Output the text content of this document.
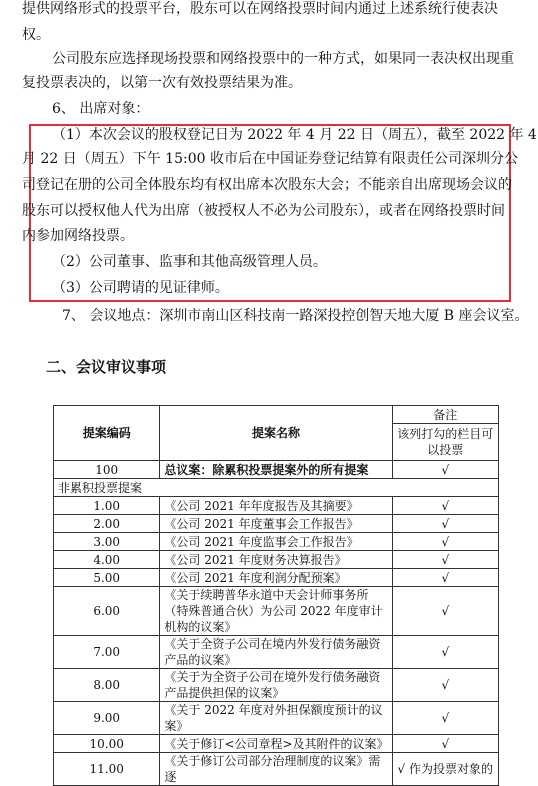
提供网络形式的投票平台，股东可以在网络投票时间内通过上述系统行使表决
权。
公司股东应选择现场投票和网络投票中的一种方式，如果同一表决权出现重
复投票表决的，以第一次有效投票结果为准。
6、 出席对象：
（1）本次会议的股权登记日为 2022 年 4 月 22 日（周五），截至 2022 年 4
月 22 日（周五）下午 15:00 收市后在中国证券登记结算有限责任公司深圳分公
司登记在册的公司全体股东均有权出席本次股东大会；不能亲自出席现场会议的
股东可以授权他人代为出席（被授权人不必为公司股东），或者在网络投票时间
内参加网络投票。
（2）公司董事、监事和其他高级管理人员。
（3）公司聘请的见证律师。
7、 会议地点：深圳市南山区科技南一路深投控创智天地大厦 B 座会议室。
二、会议审议事项
提案编码	提案名称	备注
		该列打勾的栏目可以投票
100	总议案：除累积投票提案外的所有提案	√
非累积投票提案		
1.00	《公司 2021 年年度报告及其摘要》	√
2.00	《公司 2021 年度董事会工作报告》	√
3.00	《公司 2021 年度监事会工作报告》	√
4.00	《公司 2021 年度财务决算报告》	√
5.00	《公司 2021 年度利润分配预案》	√
6.00	《关于续聘普华永道中天会计师事务所（特殊普通合伙）为公司 2022 年度审计机构的议案》	√
7.00	《关于全资子公司在境内外发行债务融资产品的议案》	√
8.00	《关于为全资子公司在境外发行债务融资产品提供担保的议案》	√
9.00	《关于 2022 年度对外担保额度预计的议案》	√
10.00	《关于修订<公司章程>及其附件的议案》	√
11.00	《关于修订公司部分治理制度的议案》需逐	√ 作为投票对象的
